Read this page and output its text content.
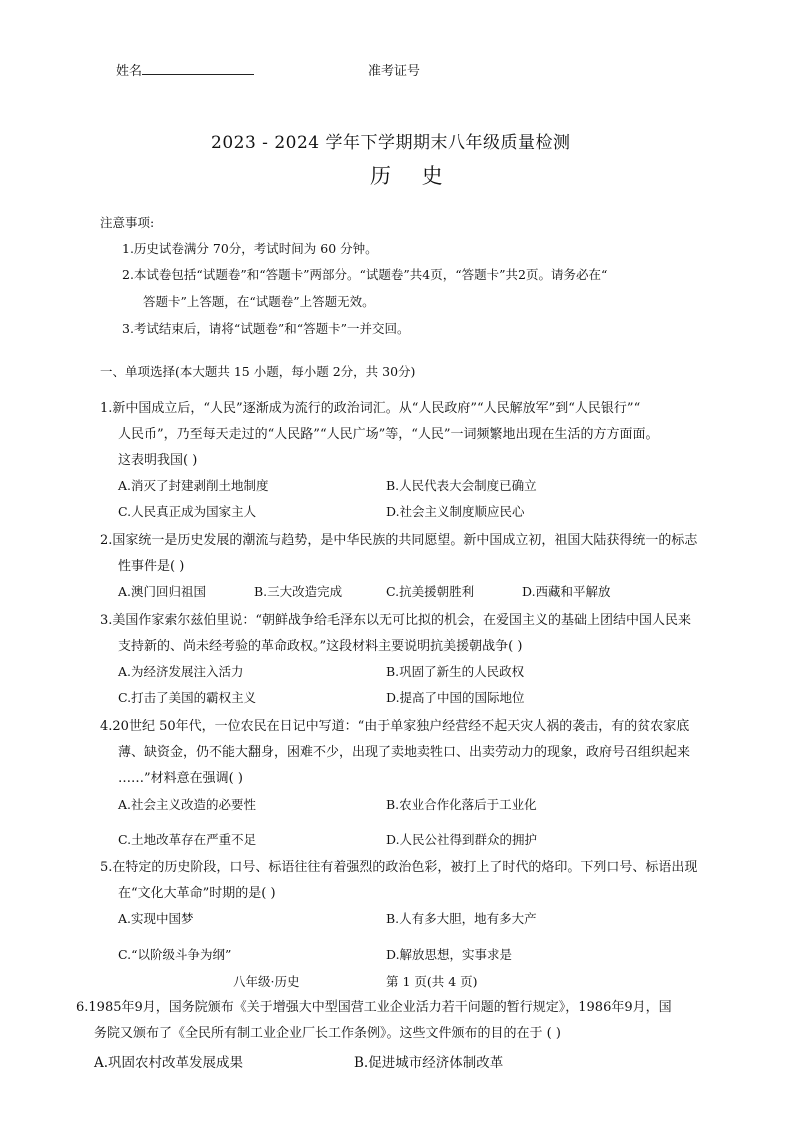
姓名	准考证号
2023 - 2024 学年下学期期末八年级质量检测
历 史
注意事项:
1.历史试卷满分 70分，考试时间为 60 分钟。
2.本试卷包括“试题卷”和“答题卡”两部分。“试题卷”共4页，“答题卡”共2页。请务必在“
答题卡”上答题，在“试题卷”上答题无效。
3.考试结束后，请将“试题卷”和“答题卡”一并交回。
一、单项选择(本大题共 15 小题，每小题 2分，共 30分)
1.新中国成立后，“人民”逐渐成为流行的政治词汇。从“人民政府”“人民解放军”到“人民银行”“
人民币”，乃至每天走过的“人民路”“人民广场”等，“人民”一词频繁地出现在生活的方方面面。
这表明我国( )
A.消灭了封建剥削土地制度	B.人民代表大会制度已确立
C.人民真正成为国家主人	D.社会主义制度顺应民心
2.国家统一是历史发展的潮流与趋势，是中华民族的共同愿望。新中国成立初，祖国大陆获得统一的标志
性事件是( )
A.澳门回归祖国	B.三大改造完成	C.抗美援朝胜利	D.西藏和平解放
3.美国作家索尔兹伯里说：“朝鲜战争给毛泽东以无可比拟的机会，在爱国主义的基础上团结中国人民来
支持新的、尚未经考验的革命政权。”这段材料主要说明抗美援朝战争( )
A.为经济发展注入活力	B.巩固了新生的人民政权
C.打击了美国的霸权主义	D.提高了中国的国际地位
4.20世纪 50年代，一位农民在日记中写道：“由于单家独户经营经不起天灾人祸的袭击，有的贫农家底
薄、缺资金，仍不能大翻身，困难不少，出现了卖地卖牲口、出卖劳动力的现象，政府号召组织起来
……”材料意在强调( )
A.社会主义改造的必要性	B.农业合作化落后于工业化
C.土地改革存在严重不足	D.人民公社得到群众的拥护
5.在特定的历史阶段，口号、标语往往有着强烈的政治色彩，被打上了时代的烙印。下列口号、标语出现
在“文化大革命”时期的是( )
A.实现中国梦	B.人有多大胆，地有多大产
C.“以阶级斗争为纲”	D.解放思想，实事求是
八年级·历史	第 1 页(共 4 页)
6.1985年9月，国务院颁布《关于增强大中型国营工业企业活力若干问题的暂行规定》，1986年9月，国
务院又颁布了《全民所有制工业企业厂长工作条例》。这些文件颁布的目的在于 ( )
A.巩固农村改革发展成果	B.促进城市经济体制改革
